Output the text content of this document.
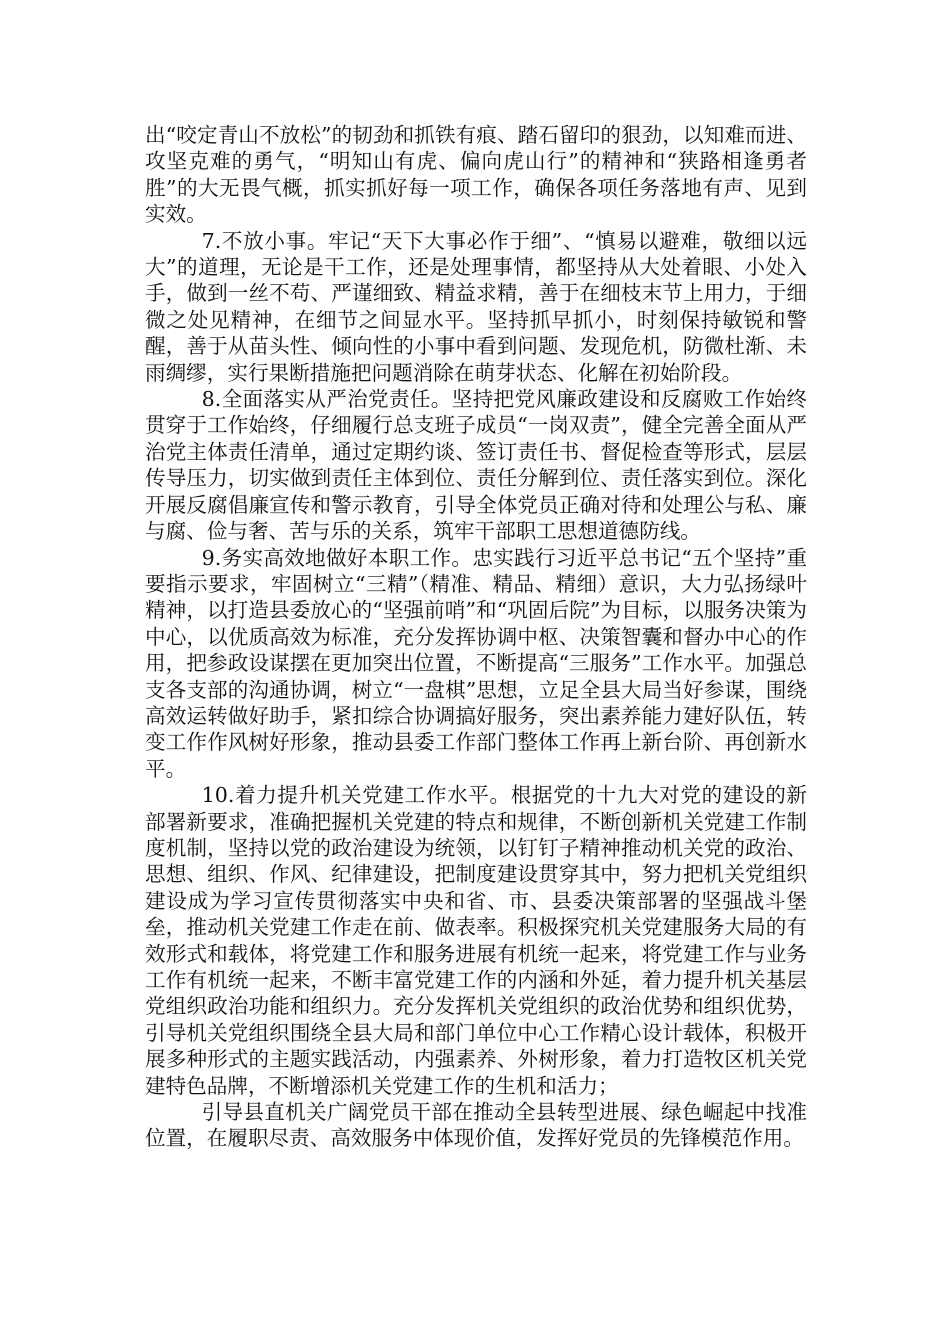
出“咬定青山不放松”的韧劲和抓铁有痕、踏石留印的狠劲，以知难而进、攻坚克难的勇气，“明知山有虎、偏向虎山行”的精神和“狭路相逢勇者胜”的大无畏气概，抓实抓好每一项工作，确保各项任务落地有声、见到实效。

7.不放小事。牢记“天下大事必作于细”、“慎易以避难，敬细以远大”的道理，无论是干工作，还是处理事情，都坚持从大处着眼、小处入手，做到一丝不苟、严谨细致、精益求精，善于在细枝末节上用力，于细微之处见精神，在细节之间显水平。坚持抓早抓小，时刻保持敏锐和警醒，善于从苗头性、倾向性的小事中看到问题、发现危机，防微杜渐、未雨绸缪，实行果断措施把问题消除在萌芽状态、化解在初始阶段。

8.全面落实从严治党责任。坚持把党风廉政建设和反腐败工作始终贯穿于工作始终，仔细履行总支班子成员“一岗双责”，健全完善全面从严治党主体责任清单，通过定期约谈、签订责任书、督促检查等形式，层层传导压力，切实做到责任主体到位、责任分解到位、责任落实到位。深化开展反腐倡廉宣传和警示教育，引导全体党员正确对待和处理公与私、廉与腐、俭与奢、苦与乐的关系，筑牢干部职工思想道德防线。

9.务实高效地做好本职工作。忠实践行习近平总书记“五个坚持”重要指示要求，牢固树立“三精”（精准、精品、精细）意识，大力弘扬绿叶精神，以打造县委放心的“坚强前哨”和“巩固后院”为目标，以服务决策为中心，以优质高效为标准，充分发挥协调中枢、决策智囊和督办中心的作用，把参政设谋摆在更加突出位置，不断提高“三服务”工作水平。加强总支各支部的沟通协调，树立“一盘棋”思想，立足全县大局当好参谋，围绕高效运转做好助手，紧扣综合协调搞好服务，突出素养能力建好队伍，转变工作作风树好形象，推动县委工作部门整体工作再上新台阶、再创新水平。

10.着力提升机关党建工作水平。根据党的十九大对党的建设的新部署新要求，准确把握机关党建的特点和规律，不断创新机关党建工作制度机制，坚持以党的政治建设为统领，以钉钉子精神推动机关党的政治、思想、组织、作风、纪律建设，把制度建设贯穿其中，努力把机关党组织建设成为学习宣传贯彻落实中央和省、市、县委决策部署的坚强战斗堡垒，推动机关党建工作走在前、做表率。积极探究机关党建服务大局的有效形式和载体，将党建工作和服务进展有机统一起来，将党建工作与业务工作有机统一起来，不断丰富党建工作的内涵和外延，着力提升机关基层党组织政治功能和组织力。充分发挥机关党组织的政治优势和组织优势，引导机关党组织围绕全县大局和部门单位中心工作精心设计载体，积极开展多种形式的主题实践活动，内强素养、外树形象，着力打造牧区机关党建特色品牌，不断增添机关党建工作的生机和活力；

引导县直机关广阔党员干部在推动全县转型进展、绿色崛起中找准位置，在履职尽责、高效服务中体现价值，发挥好党员的先锋模范作用。
